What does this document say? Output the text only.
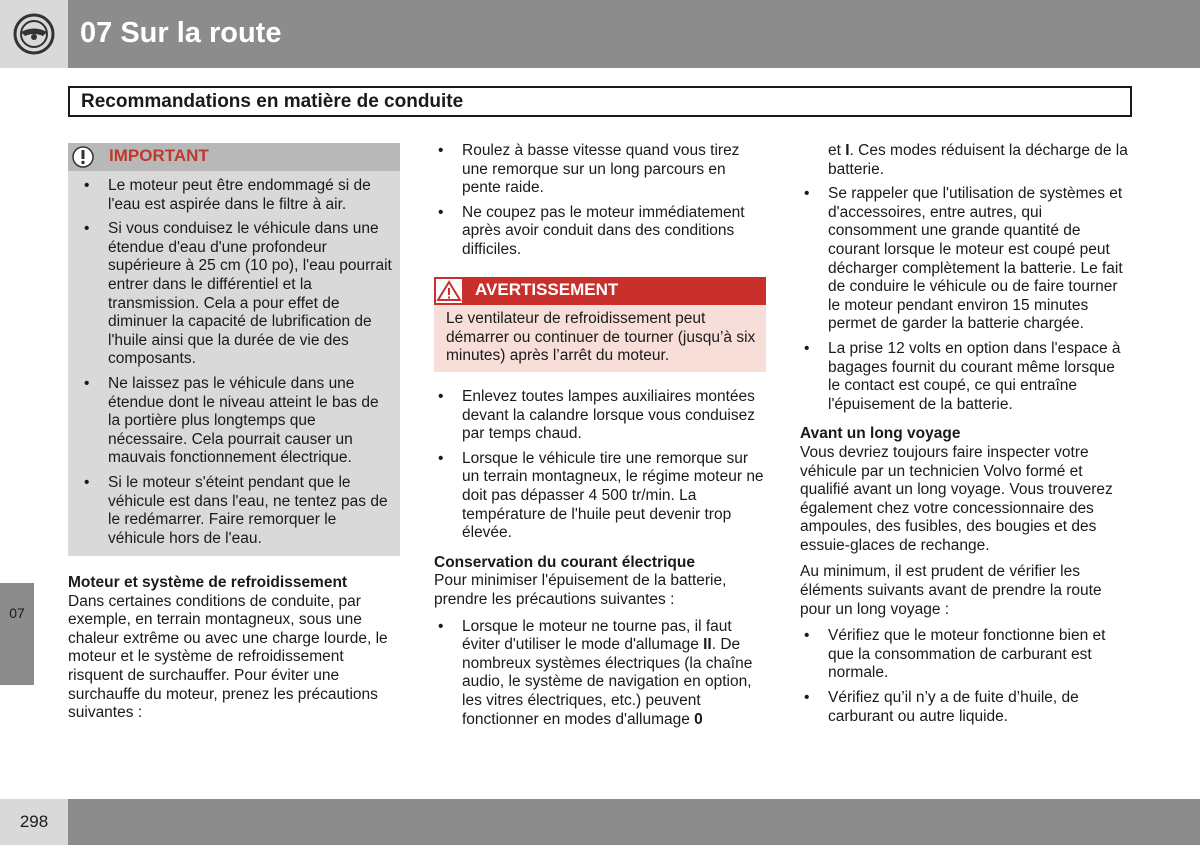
07 Sur la route
Recommandations en matière de conduite
07
298
IMPORTANT
• Le moteur peut être endommagé si de l'eau est aspirée dans le filtre à air.
• Si vous conduisez le véhicule dans une étendue d'eau d'une profondeur supérieure à 25 cm (10 po), l'eau pourrait entrer dans le différentiel et la transmission. Cela a pour effet de diminuer la capacité de lubrification de l'huile ainsi que la durée de vie des composants.
• Ne laissez pas le véhicule dans une étendue dont le niveau atteint le bas de la portière plus longtemps que nécessaire. Cela pourrait causer un mauvais fonctionnement électrique.
• Si le moteur s'éteint pendant que le véhicule est dans l'eau, ne tentez pas de le redémarrer. Faire remorquer le véhicule hors de l'eau.

Moteur et système de refroidissement

Dans certaines conditions de conduite, par exemple, en terrain montagneux, sous une chaleur extrême ou avec une charge lourde, le moteur et le système de refroidissement risquent de surchauffer. Pour éviter une surchauffe du moteur, prenez les précautions suivantes :

• Roulez à basse vitesse quand vous tirez une remorque sur un long parcours en pente raide.
• Ne coupez pas le moteur immédiatement après avoir conduit dans des conditions difficiles.
AVERTISSEMENT
Le ventilateur de refroidissement peut démarrer ou continuer de tourner (jusqu’à six minutes) après l’arrêt du moteur.
• Enlevez toutes lampes auxiliaires montées devant la calandre lorsque vous conduisez par temps chaud.
• Lorsque le véhicule tire une remorque sur un terrain montagneux, le régime moteur ne doit pas dépasser 4 500 tr/min. La température de l'huile peut devenir trop élevée.

Conservation du courant électrique

Pour minimiser l'épuisement de la batterie, prendre les précautions suivantes :

• Lorsque le moteur ne tourne pas, il faut éviter d'utiliser le mode d'allumage II. De nombreux systèmes électriques (la chaîne audio, le système de navigation en option, les vitres électriques, etc.) peuvent fonctionner en modes d'allumage 0

et I. Ces modes réduisent la décharge de la batterie.

• Se rappeler que l'utilisation de systèmes et d'accessoires, entre autres, qui consomment une grande quantité de courant lorsque le moteur est coupé peut décharger complètement la batterie. Le fait de conduire le véhicule ou de faire tourner le moteur pendant environ 15 minutes permet de garder la batterie chargée.
• La prise 12 volts en option dans l'espace à bagages fournit du courant même lorsque le contact est coupé, ce qui entraîne l'épuisement de la batterie.

Avant un long voyage

Vous devriez toujours faire inspecter votre véhicule par un technicien Volvo formé et qualifié avant un long voyage. Vous trouverez également chez votre concessionnaire des ampoules, des fusibles, des bougies et des essuie-glaces de rechange.

Au minimum, il est prudent de vérifier les éléments suivants avant de prendre la route pour un long voyage :

• Vérifiez que le moteur fonctionne bien et que la consommation de carburant est normale.
• Vérifiez qu’il n’y a de fuite d’huile, de carburant ou autre liquide.
